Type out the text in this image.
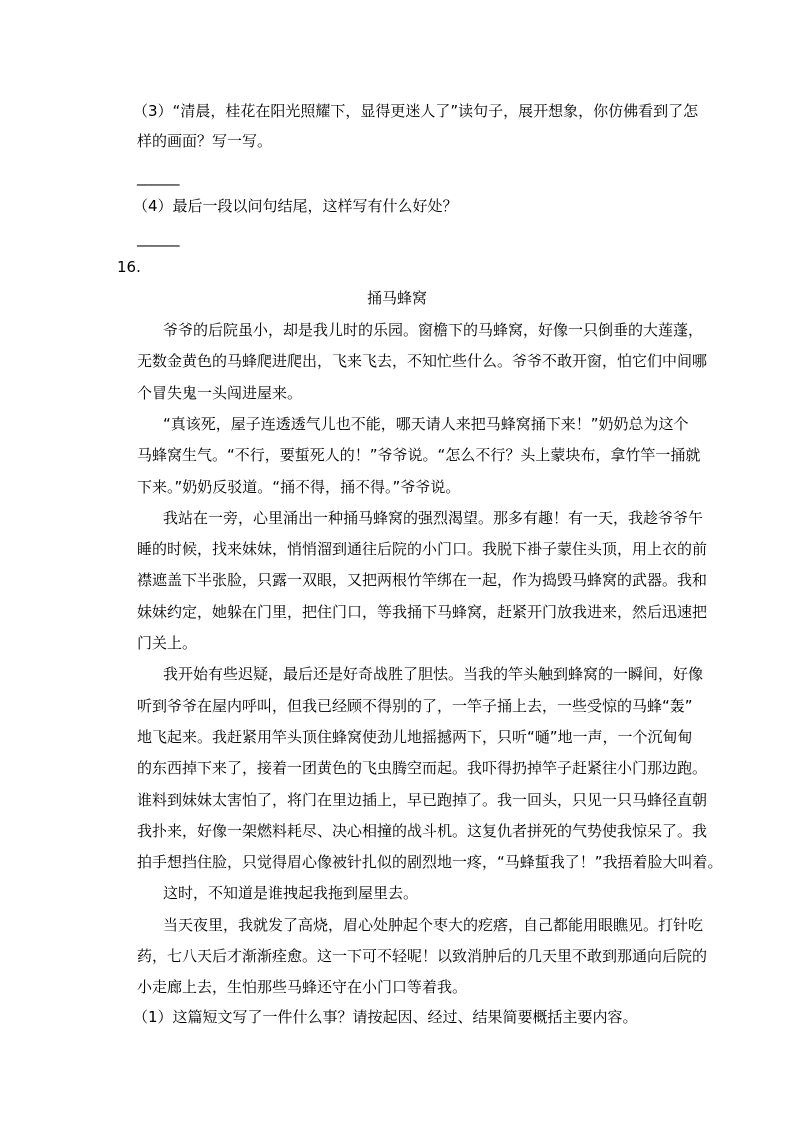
（3）“清晨，桂花在阳光照耀下，显得更迷人了”读句子，展开想象，你仿佛看到了怎
样的画面？写一写。
______
（4）最后一段以问句结尾，这样写有什么好处？
______
16.
捅马蜂窝
爷爷的后院虽小，却是我儿时的乐园。窗檐下的马蜂窝，好像一只倒垂的大莲蓬，
无数金黄色的马蜂爬进爬出，飞来飞去，不知忙些什么。爷爷不敢开窗，怕它们中间哪
个冒失鬼一头闯进屋来。
“真该死，屋子连透透气儿也不能，哪天请人来把马蜂窝捅下来！”奶奶总为这个
马蜂窝生气。“不行，要蜇死人的！”爷爷说。“怎么不行？头上蒙块布，拿竹竿一捅就
下来。”奶奶反驳道。“捅不得，捅不得。”爷爷说。
我站在一旁，心里涌出一种捅马蜂窝的强烈渴望。那多有趣！有一天，我趁爷爷午
睡的时候，找来妹妹，悄悄溜到通往后院的小门口。我脱下褂子蒙住头顶，用上衣的前
襟遮盖下半张脸，只露一双眼，又把两根竹竿绑在一起，作为捣毁马蜂窝的武器。我和
妹妹约定，她躲在门里，把住门口，等我捅下马蜂窝，赶紧开门放我进来，然后迅速把
门关上。
我开始有些迟疑，最后还是好奇战胜了胆怯。当我的竿头触到蜂窝的一瞬间，好像
听到爷爷在屋内呼叫，但我已经顾不得别的了，一竿子捅上去，一些受惊的马蜂“轰”
地飞起来。我赶紧用竿头顶住蜂窝使劲儿地摇撼两下，只听“嗵”地一声，一个沉甸甸
的东西掉下来了，接着一团黄色的飞虫腾空而起。我吓得扔掉竿子赶紧往小门那边跑。
谁料到妹妹太害怕了，将门在里边插上，早已跑掉了。我一回头，只见一只马蜂径直朝
我扑来，好像一架燃料耗尽、决心相撞的战斗机。这复仇者拼死的气势使我惊呆了。我
拍手想挡住脸，只觉得眉心像被针扎似的剧烈地一疼，“马蜂蜇我了！”我捂着脸大叫着。
这时，不知道是谁拽起我拖到屋里去。
当天夜里，我就发了高烧，眉心处肿起个枣大的疙瘩，自己都能用眼瞧见。打针吃
药，七八天后才渐渐痊愈。这一下可不轻呢！以致消肿后的几天里不敢到那通向后院的
小走廊上去，生怕那些马蜂还守在小门口等着我。
（1）这篇短文写了一件什么事？请按起因、经过、结果简要概括主要内容。
